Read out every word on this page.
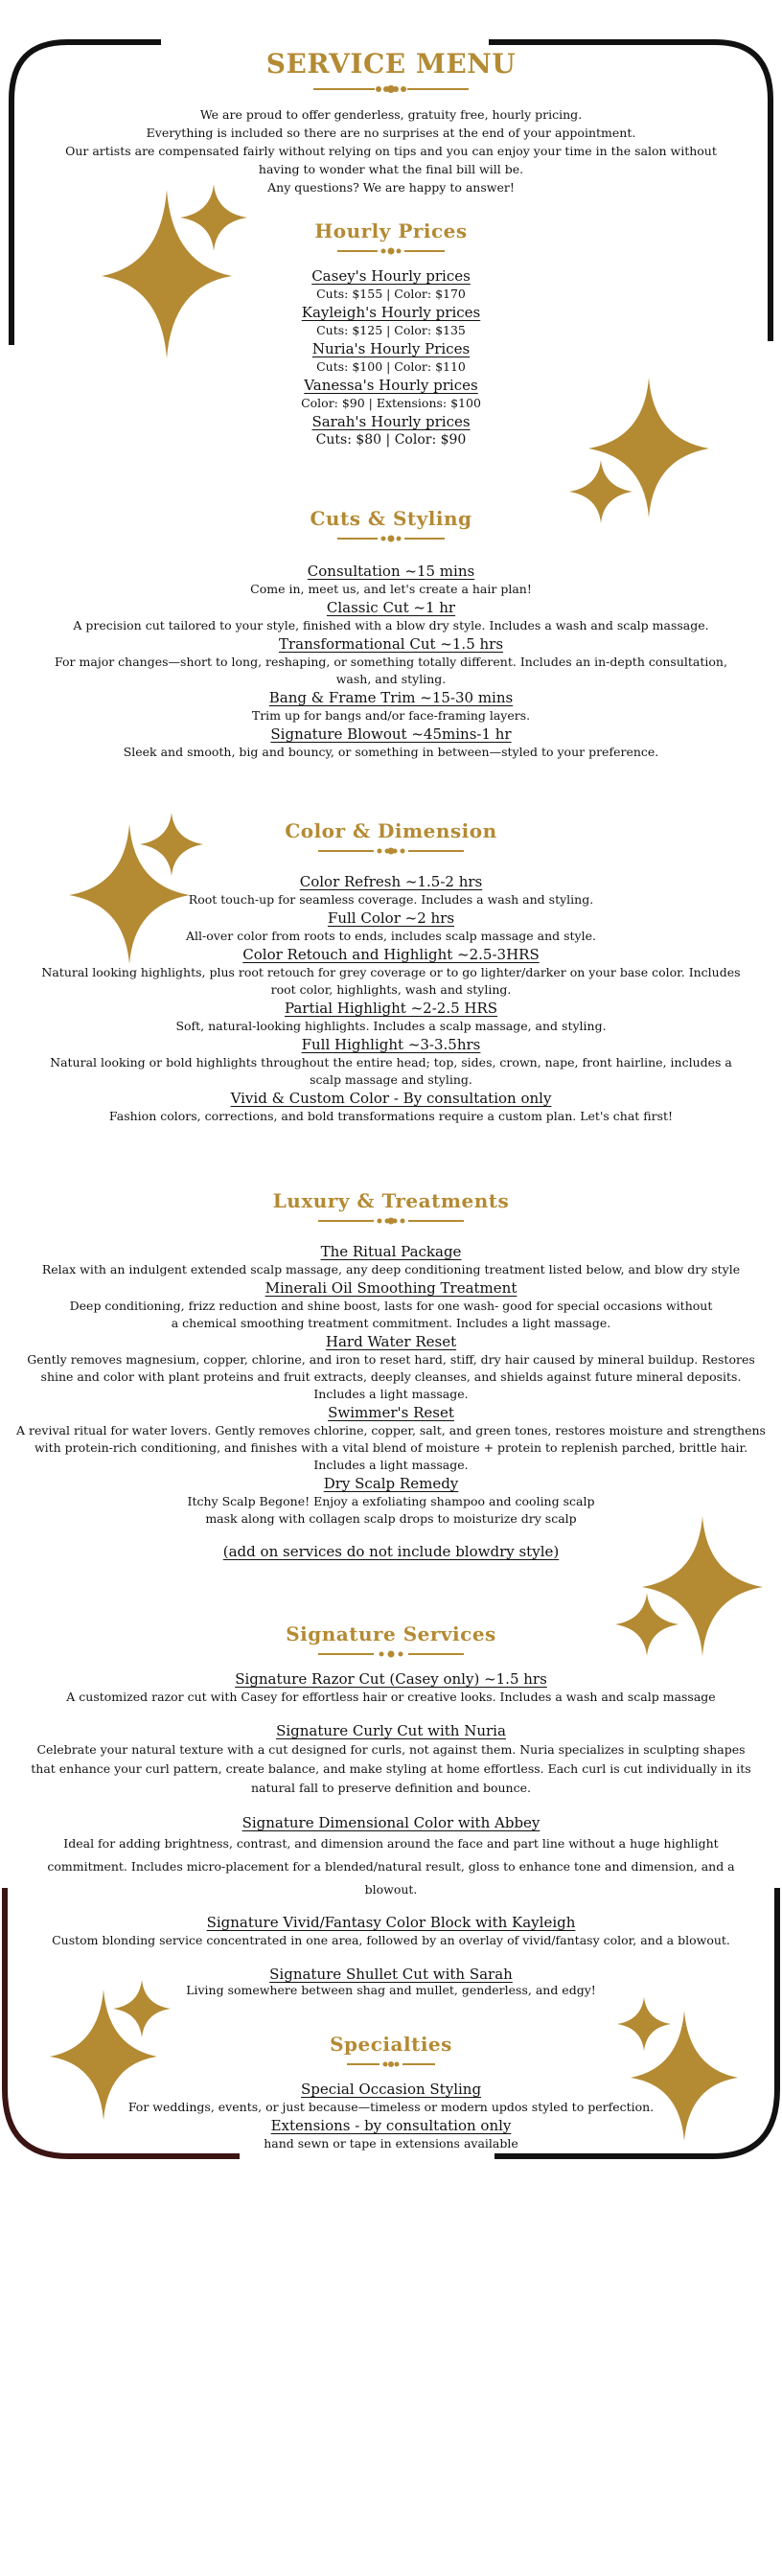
SERVICE MENU
We are proud to offer genderless, gratuity free, hourly pricing.
Everything is included so there are no surprises at the end of your appointment.
Our artists are compensated fairly without relying on tips and you can enjoy your time in the salon without having to wonder what the final bill will be.
Any questions? We are happy to answer!
Hourly Prices
Casey's Hourly prices
Cuts: $155 | Color: $170
Kayleigh's Hourly prices
Cuts: $125 | Color: $135
Nuria's Hourly Prices
Cuts: $100 | Color: $110
Vanessa's Hourly prices
Color: $90 | Extensions: $100
Sarah's Hourly prices
Cuts: $80 | Color: $90
Cuts & Styling
Consultation ~15 mins
Come in, meet us, and let's create a hair plan!
Classic Cut ~1 hr
A precision cut tailored to your style, finished with a blow dry style. Includes a wash and scalp massage.
Transformational Cut ~1.5 hrs
For major changes—short to long, reshaping, or something totally different. Includes an in-depth consultation, wash, and styling.
Bang & Frame Trim ~15-30 mins
Trim up for bangs and/or face-framing layers.
Signature Blowout ~45mins-1 hr
Sleek and smooth, big and bouncy, or something in between—styled to your preference.
Color & Dimension
Color Refresh ~1.5-2 hrs
Root touch-up for seamless coverage. Includes a wash and styling.
Full Color ~2 hrs
All-over color from roots to ends, includes scalp massage and style.
Color Retouch and Highlight ~2.5-3HRS
Natural looking highlights, plus root retouch for grey coverage or to go lighter/darker on your base color. Includes root color, highlights, wash and styling.
Partial Highlight ~2-2.5 HRS
Soft, natural-looking highlights. Includes a scalp massage, and styling.
Full Highlight ~3-3.5hrs
Natural looking or bold highlights throughout the entire head; top, sides, crown, nape, front hairline, includes a scalp massage and styling.
Vivid & Custom Color - By consultation only
Fashion colors, corrections, and bold transformations require a custom plan. Let's chat first!
Luxury & Treatments
The Ritual Package
Relax with an indulgent extended scalp massage, any deep conditioning treatment listed below, and blow dry style
Minerali Oil Smoothing Treatment
Deep conditioning, frizz reduction and shine boost, lasts for one wash- good for special occasions without a chemical smoothing treatment commitment. Includes a light massage.
Hard Water Reset
Gently removes magnesium, copper, chlorine, and iron to reset hard, stiff, dry hair caused by mineral buildup. Restores shine and color with plant proteins and fruit extracts, deeply cleanses, and shields against future mineral deposits. Includes a light massage.
Swimmer's Reset
A revival ritual for water lovers. Gently removes chlorine, copper, salt, and green tones, restores moisture and strengthens with protein-rich conditioning, and finishes with a vital blend of moisture + protein to replenish parched, brittle hair. Includes a light massage.
Dry Scalp Remedy
Itchy Scalp Begone! Enjoy a exfoliating shampoo and cooling scalp mask along with collagen scalp drops to moisturize dry scalp
(add on services do not include blowdry style)
Signature Services
Signature Razor Cut (Casey only) ~1.5 hrs
A customized razor cut with Casey for effortless hair or creative looks. Includes a wash and scalp massage
Signature Curly Cut with Nuria
Celebrate your natural texture with a cut designed for curls, not against them. Nuria specializes in sculpting shapes that enhance your curl pattern, create balance, and make styling at home effortless. Each curl is cut individually in its natural fall to preserve definition and bounce.
Signature Dimensional Color with Abbey
Ideal for adding brightness, contrast, and dimension around the face and part line without a huge highlight commitment. Includes micro-placement for a blended/natural result, gloss to enhance tone and dimension, and a blowout.
Signature Vivid/Fantasy Color Block with Kayleigh
Custom blonding service concentrated in one area, followed by an overlay of vivid/fantasy color, and a blowout.
Signature Shullet Cut with Sarah
Living somewhere between shag and mullet, genderless, and edgy!
Specialties
Special Occasion Styling
For weddings, events, or just because—timeless or modern updos styled to perfection.
Extensions - by consultation only
hand sewn or tape in extensions available
